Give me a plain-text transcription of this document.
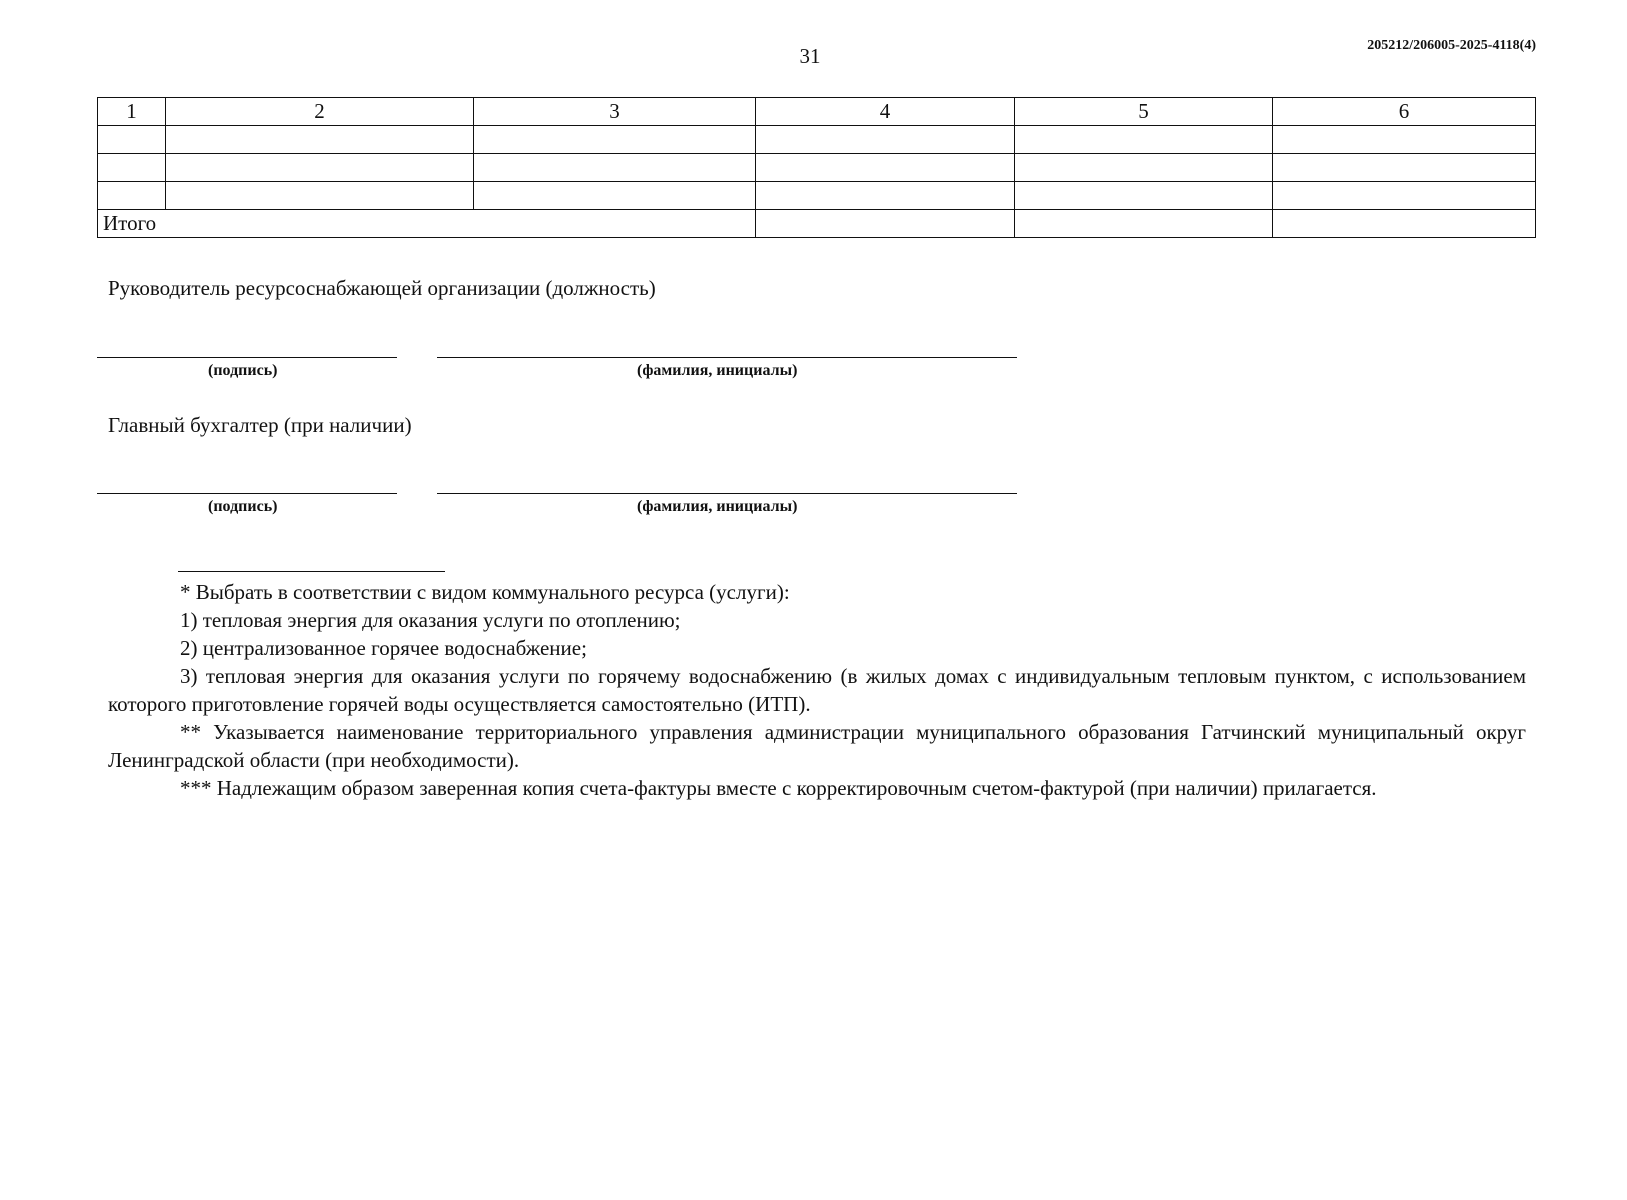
31	205212/206005-2025-4118(4)
1	2	3	4	5	6

Итого					
Руководитель ресурсоснабжающей организации (должность)
(подпись)	(фамилия, инициалы)
Главный бухгалтер (при наличии)
(подпись)	(фамилия, инициалы)

* Выбрать в соответствии с видом коммунального ресурса (услуги):

1) тепловая энергия для оказания услуги по отоплению;

2) централизованное горячее водоснабжение;

3) тепловая энергия для оказания услуги по горячему водоснабжению (в жилых домах с индивидуальным тепловым пунктом, с использованием которого приготовление горячей воды осуществляется самостоятельно (ИТП).

** Указывается наименование территориального управления администрации муниципального образования Гатчинский муниципальный округ Ленинградской области (при необходимости).

*** Надлежащим образом заверенная копия счета-фактуры вместе с корректировочным счетом-фактурой (при наличии) прилагается.
